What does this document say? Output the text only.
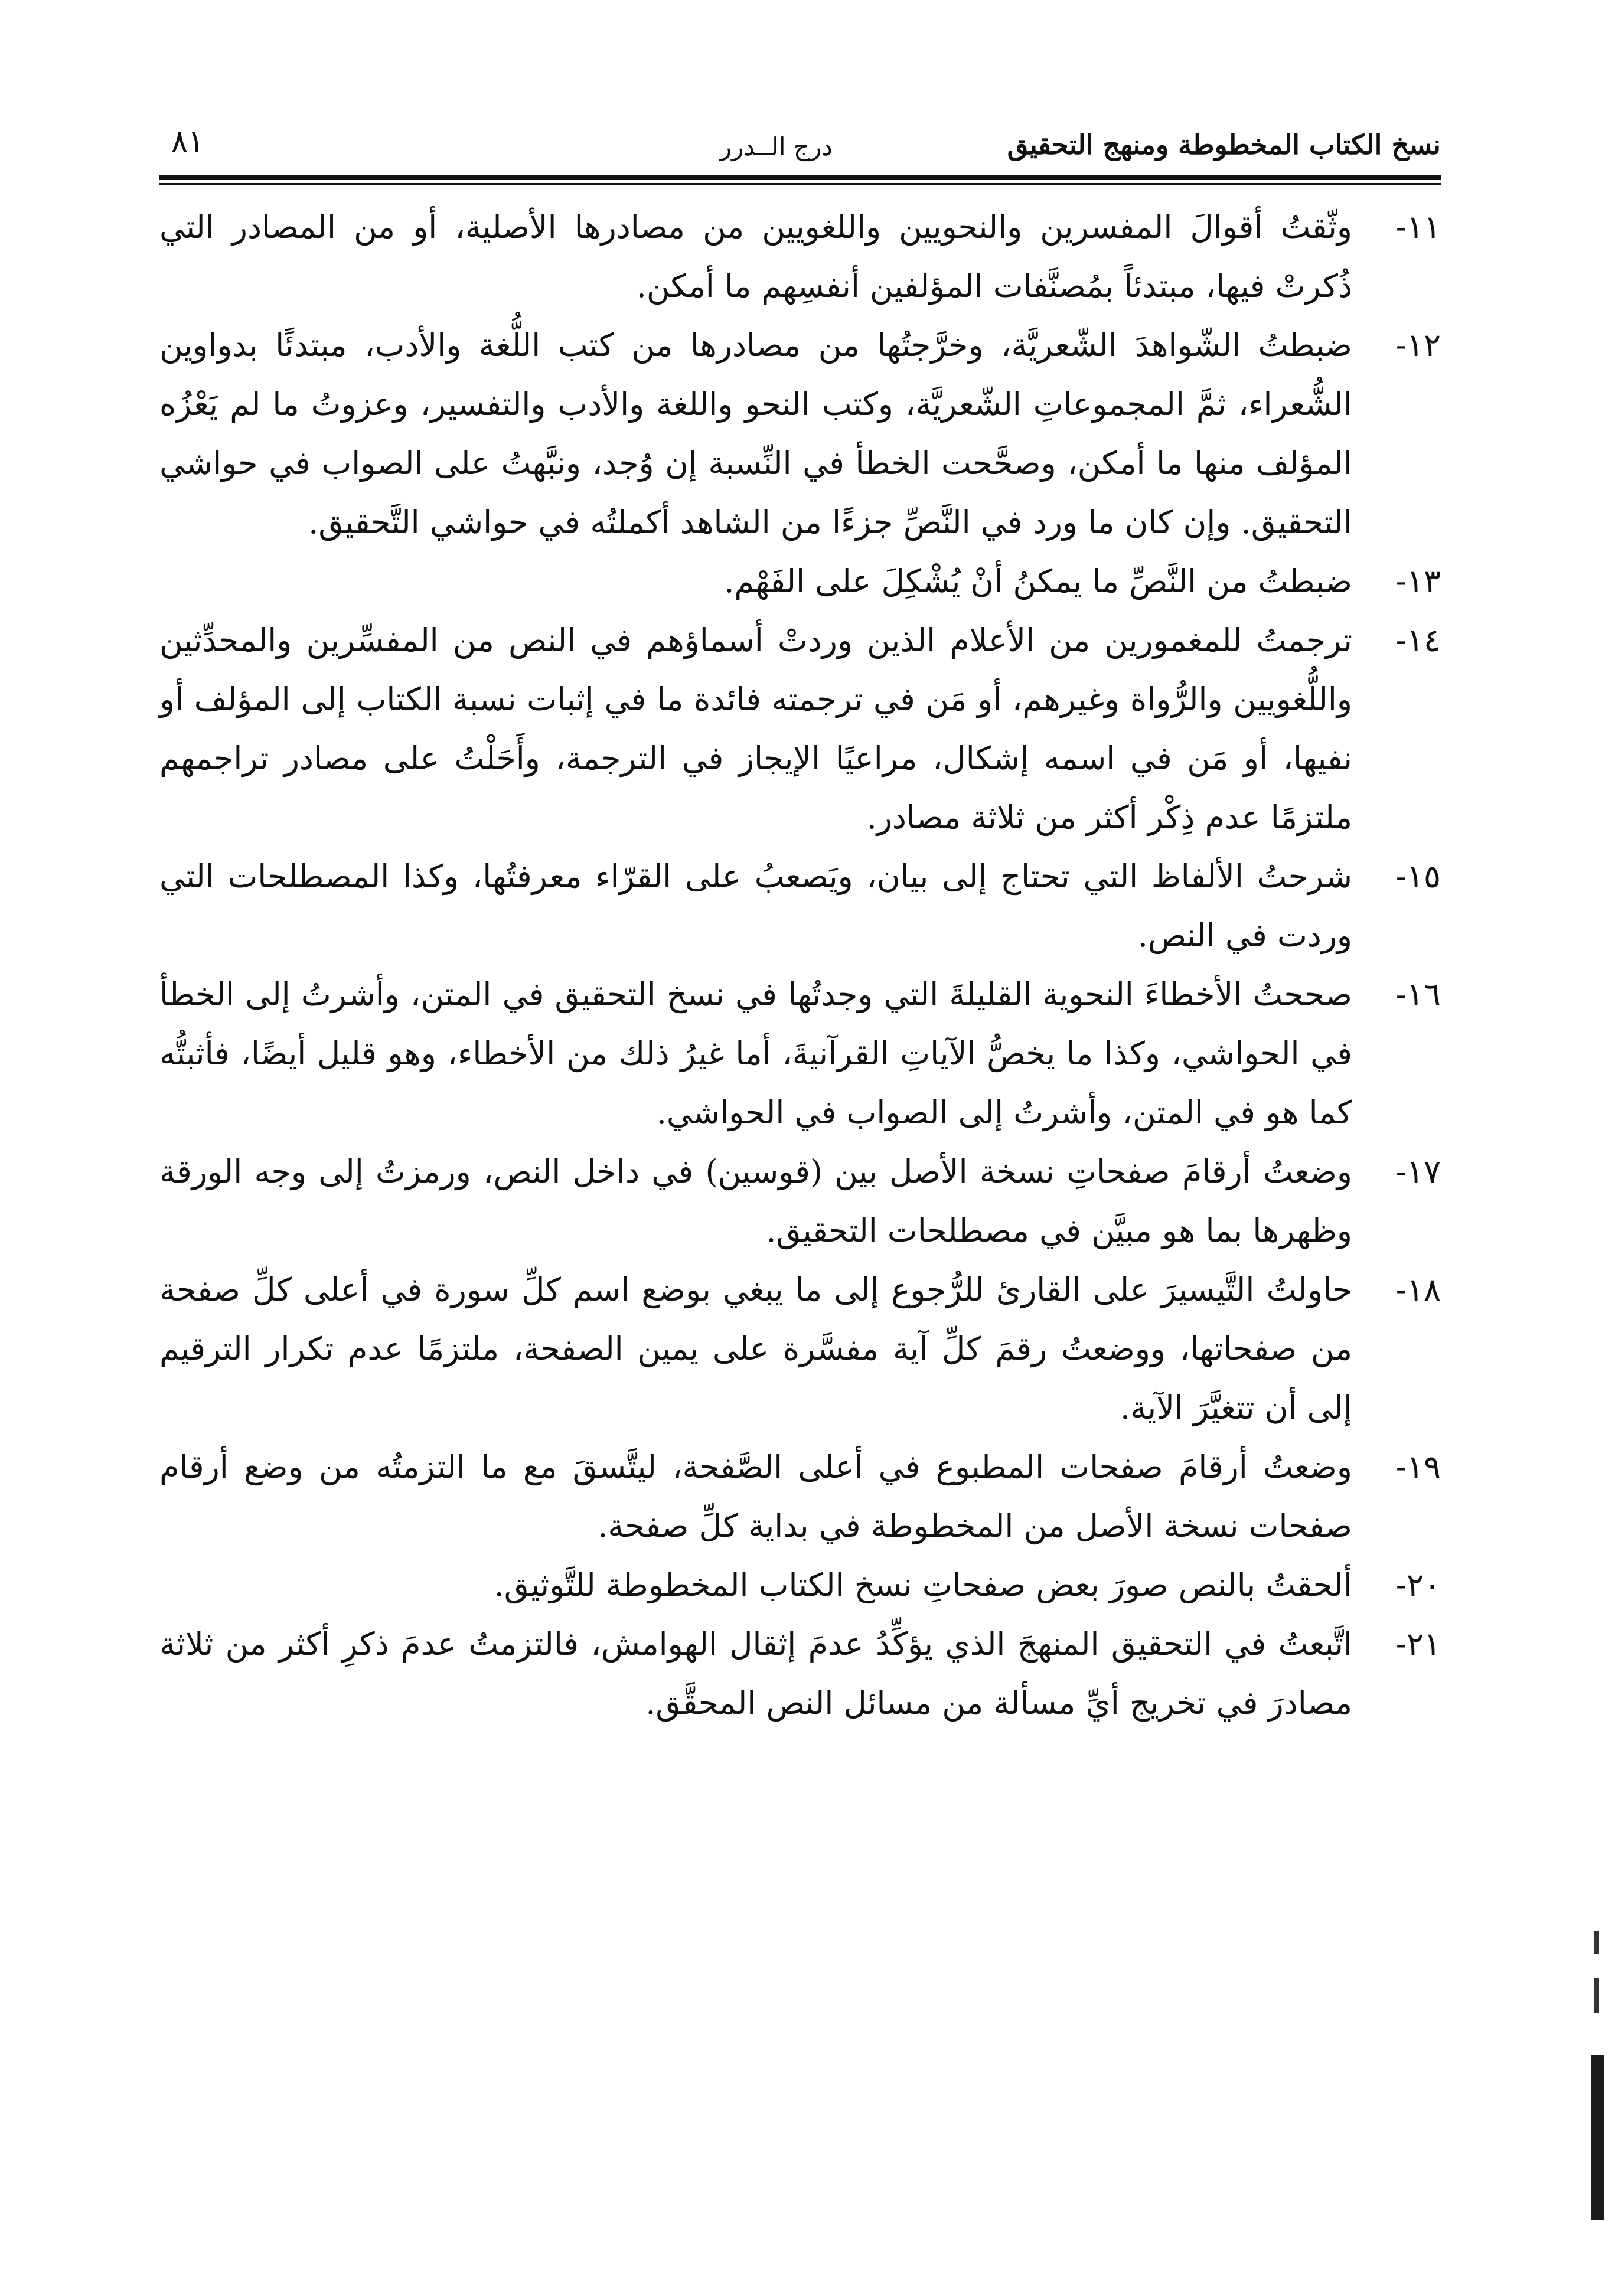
نسخ الكتاب المخطوطة ومنهج التحقيق
درج الــدرر
٨١
١١-
وثّقتُ أقوالَ المفسرين والنحويين واللغويين من مصادرها الأصلية، أو من المصادر التي ذُكرتْ فيها، مبتدئاً بمُصنَّفات المؤلفين أنفسِهم ما أمكن.
١٢-
ضبطتُ الشّواهدَ الشّعريَّة، وخرَّجتُها من مصادرها من كتب اللُّغة والأدب، مبتدئًا بدواوين الشُّعراء، ثمَّ المجموعاتِ الشّعريَّة، وكتب النحو واللغة والأدب والتفسير، وعزوتُ ما لم يَعْزُه المؤلف منها ما أمكن، وصحَّحت الخطأ في النِّسبة إن وُجد، ونبَّهتُ على الصواب في حواشي التحقيق. وإن كان ما ورد في النَّصِّ جزءًا من الشاهد أكملتُه في حواشي التَّحقيق.
١٣-
ضبطتُ من النَّصِّ ما يمكنُ أنْ يُشْكِلَ على الفَهْم.
١٤-
ترجمتُ للمغمورين من الأعلام الذين وردتْ أسماؤهم في النص من المفسِّرين والمحدِّثين واللُّغويين والرُّواة وغيرهم، أو مَن في ترجمته فائدة ما في إثبات نسبة الكتاب إلى المؤلف أو نفيها، أو مَن في اسمه إشكال، مراعيًا الإيجاز في الترجمة، وأَحَلْتُ على مصادر تراجمهم ملتزمًا عدم ذِكْر أكثر من ثلاثة مصادر.
١٥-
شرحتُ الألفاظ التي تحتاج إلى بيان، ويَصعبُ على القرّاء معرفتُها، وكذا المصطلحات التي وردت في النص.
١٦-
صححتُ الأخطاءَ النحوية القليلةَ التي وجدتُها في نسخ التحقيق في المتن، وأشرتُ إلى الخطأ في الحواشي، وكذا ما يخصُّ الآياتِ القرآنيةَ، أما غيرُ ذلك من الأخطاء، وهو قليل أيضًا، فأثبتُّه كما هو في المتن، وأشرتُ إلى الصواب في الحواشي.
١٧-
وضعتُ أرقامَ صفحاتِ نسخة الأصل بين (قوسين) في داخل النص، ورمزتُ إلى وجه الورقة وظهرها بما هو مبيَّن في مصطلحات التحقيق.
١٨-
حاولتُ التَّيسيرَ على القارئ للرُّجوع إلى ما يبغي بوضع اسم كلِّ سورة في أعلى كلِّ صفحة من صفحاتها، ووضعتُ رقمَ كلِّ آية مفسَّرة على يمين الصفحة، ملتزمًا عدم تكرار الترقيم إلى أن تتغيَّرَ الآية.
١٩-
وضعتُ أرقامَ صفحات المطبوع في أعلى الصَّفحة، ليتَّسقَ مع ما التزمتُه من وضع أرقام صفحات نسخة الأصل من المخطوطة في بداية كلِّ صفحة.
٢٠-
ألحقتُ بالنص صورَ بعض صفحاتِ نسخ الكتاب المخطوطة للتَّوثيق.
٢١-
اتَّبعتُ في التحقيق المنهجَ الذي يؤكِّدُ عدمَ إثقال الهوامش، فالتزمتُ عدمَ ذكرِ أكثر من ثلاثة مصادرَ في تخريج أيِّ مسألة من مسائل النص المحقَّق.
